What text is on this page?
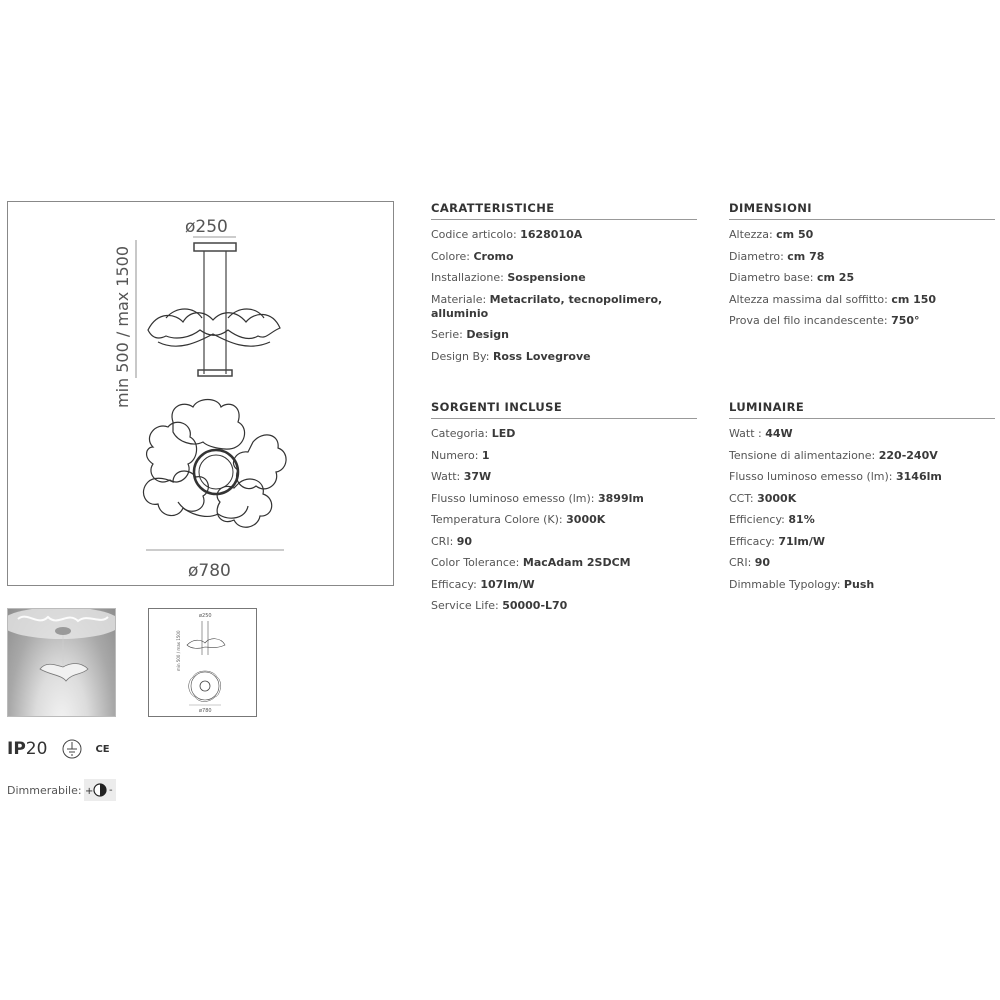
min 500 / max 1500
ø250
ø780
ø250
min 500 / max 1500
ø780
IP20	CE
Dimmerabile: + -
CARATTERISTICHE
Codice articolo: 1628010A
Colore: Cromo
Installazione: Sospensione
Materiale: Metacrilato, tecnopolimero, alluminio
Serie: Design
Design By: Ross Lovegrove
DIMENSIONI
Altezza: cm 50
Diametro: cm 78
Diametro base: cm 25
Altezza massima dal soffitto: cm 150
Prova del filo incandescente: 750°
SORGENTI INCLUSE
Categoria: LED
Numero: 1
Watt: 37W
Flusso luminoso emesso (lm): 3899lm
Temperatura Colore (K): 3000K
CRI: 90
Color Tolerance: MacAdam 2SDCM
Efficacy: 107lm/W
Service Life: 50000-L70
LUMINAIRE
Watt : 44W
Tensione di alimentazione: 220-240V
Flusso luminoso emesso (lm): 3146lm
CCT: 3000K
Efficiency: 81%
Efficacy: 71lm/W
CRI: 90
Dimmable Typology: Push
